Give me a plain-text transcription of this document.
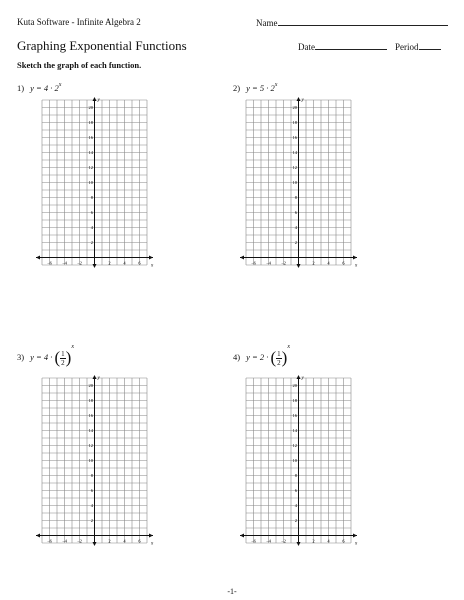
Kuta Software - Infinite Algebra 2	Name
Graphing Exponential Functions	Date	Period
Sketch the graph of each function.
1) $y = 4 \cdot 2^x$	2) $y = 5 \cdot 2^x$
3) y = 4 · ( $\frac{1}{2} )^x$
4) y = 2 · ( $\frac{1}{2} )^x$
−6 −4 −2	2	4	6
20
18
16
14
12
10
8
6
4
2
x
y
−6 −4 −2	2	4	6
20
18
16
14
12
10
8
6
4
2
x
y
−6 −4 −2	2	4	6
20
18
16
14
12
10
8
6
4
2
x
y
−6 −4 −2	2	4	6
20
18
16
14
12
10
8
6
4
2
x
y
-1-
